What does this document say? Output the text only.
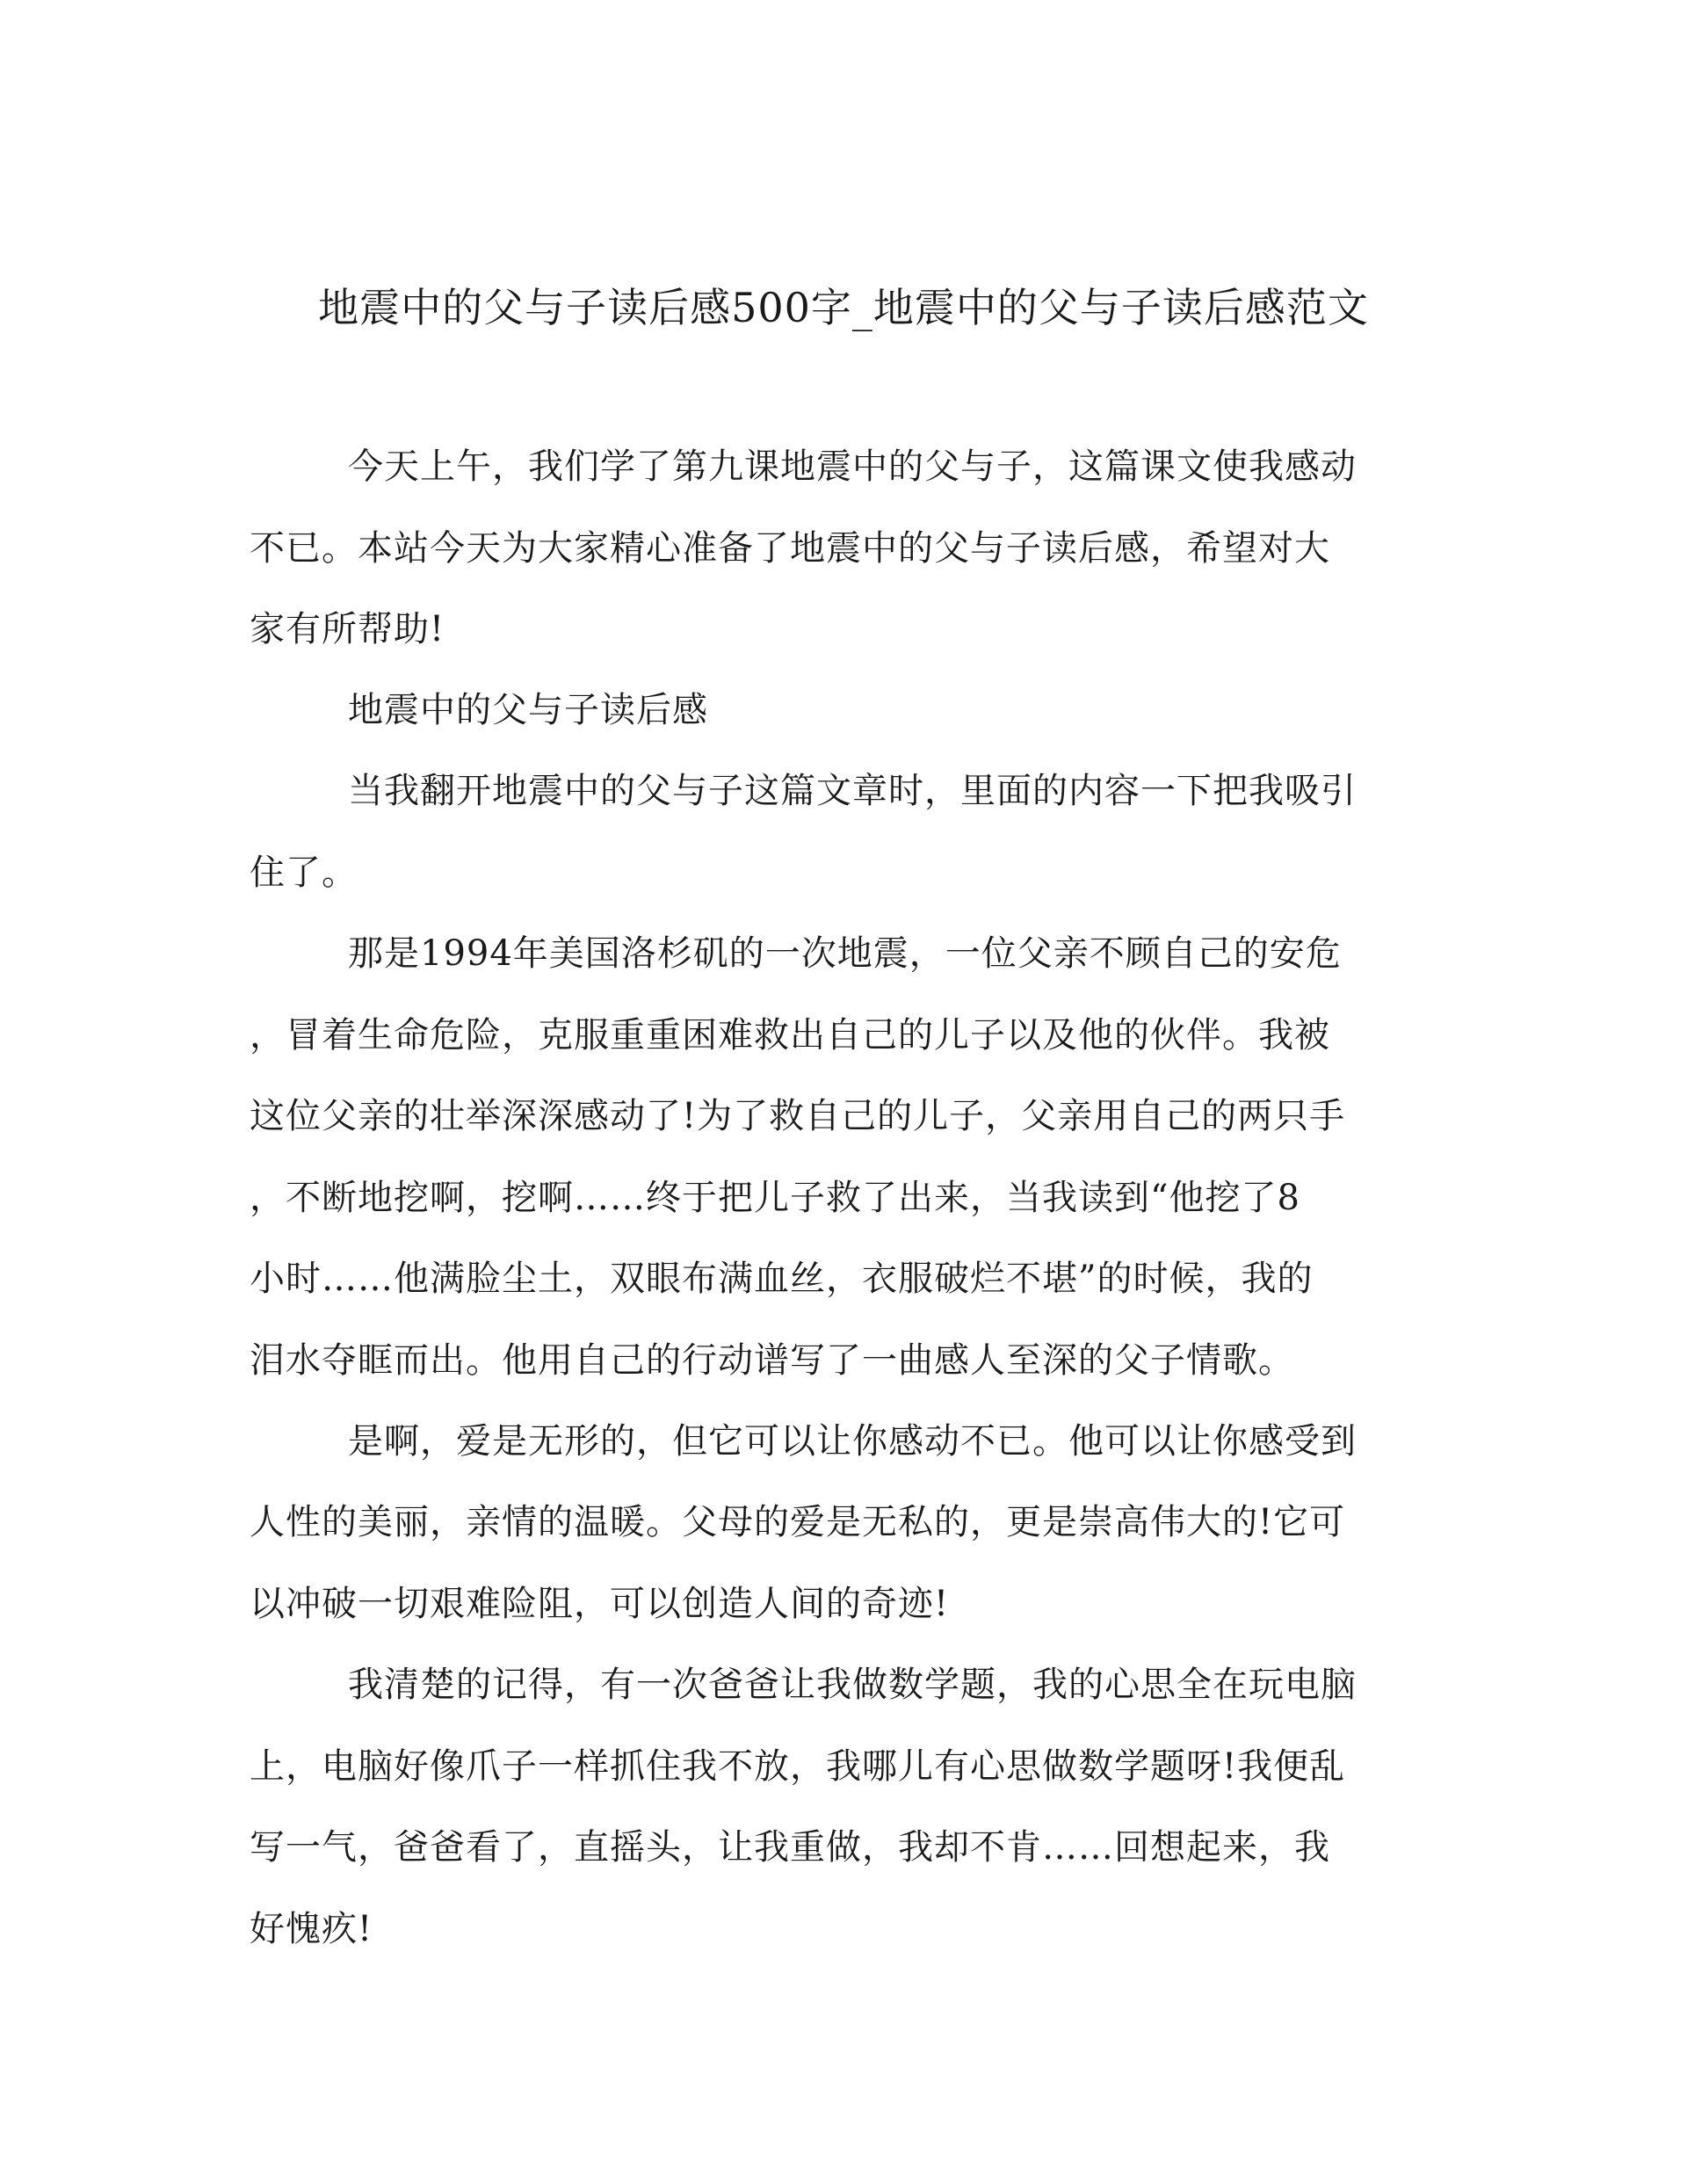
地震中的父与子读后感500字_地震中的父与子读后感范文
今天上午，我们学了第九课地震中的父与子，这篇课文使我感动
不已。本站今天为大家精心准备了地震中的父与子读后感，希望对大
家有所帮助!
地震中的父与子读后感
当我翻开地震中的父与子这篇文章时，里面的内容一下把我吸引
住了。
那是1994年美国洛杉矶的一次地震，一位父亲不顾自己的安危
，冒着生命危险，克服重重困难救出自己的儿子以及他的伙伴。我被
这位父亲的壮举深深感动了!为了救自己的儿子，父亲用自己的两只手
，不断地挖啊，挖啊……终于把儿子救了出来，当我读到“他挖了8
小时……他满脸尘土，双眼布满血丝，衣服破烂不堪”的时候，我的
泪水夺眶而出。他用自己的行动谱写了一曲感人至深的父子情歌。
是啊，爱是无形的，但它可以让你感动不已。他可以让你感受到
人性的美丽，亲情的温暖。父母的爱是无私的，更是崇高伟大的!它可
以冲破一切艰难险阻，可以创造人间的奇迹!
我清楚的记得，有一次爸爸让我做数学题，我的心思全在玩电脑
上，电脑好像爪子一样抓住我不放，我哪儿有心思做数学题呀!我便乱
写一气，爸爸看了，直摇头，让我重做，我却不肯……回想起来，我
好愧疚!
